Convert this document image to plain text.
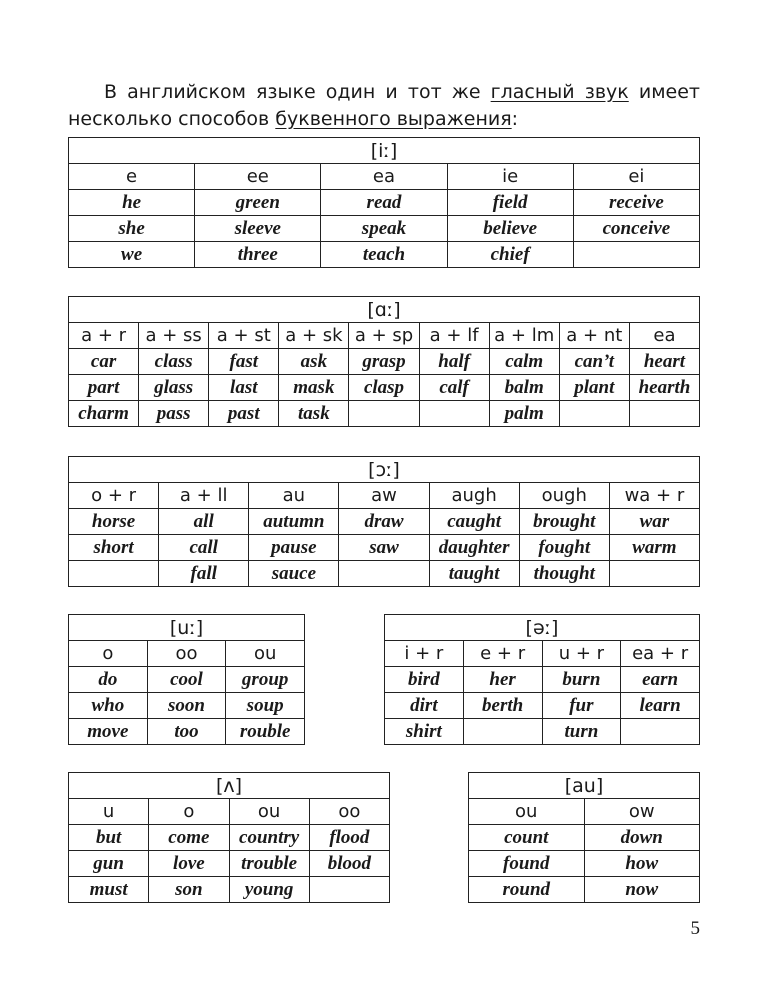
В английском языке один и тот же гласный звук имеет несколько способов буквенного выражения:

[iː]				
e	ee	ea	ie	ei
he	green	read	field	receive
she	sleeve	speak	believe	conceive
we	three	teach	chief	
[ɑː]								
a + r	a + ss	a + st	a + sk	a + sp	a + lf	a + lm	a + nt	ea
car	class	fast	ask	grasp	half	calm	can’t	heart
part	glass	last	mask	clasp	calf	balm	plant	hearth
charm	pass	past	task			palm		
[ɔː]						
o + r	a + ll	au	aw	augh	ough	wa + r
horse	all	autumn	draw	caught	brought	war
short	call	pause	saw	daughter	fought	warm
	fall	sauce		taught	thought	
[uː]		
o	oo	ou
do	cool	group
who	soon	soup
move	too	rouble
[əː]			
i + r	e + r	u + r	ea + r
bird	her	burn	earn
dirt	berth	fur	learn
shirt		turn	
[ʌ]			
u	o	ou	oo
but	come	country	flood
gun	love	trouble	blood
must	son	young	
[au]	
ou	ow
count	down
found	how
round	now
5
